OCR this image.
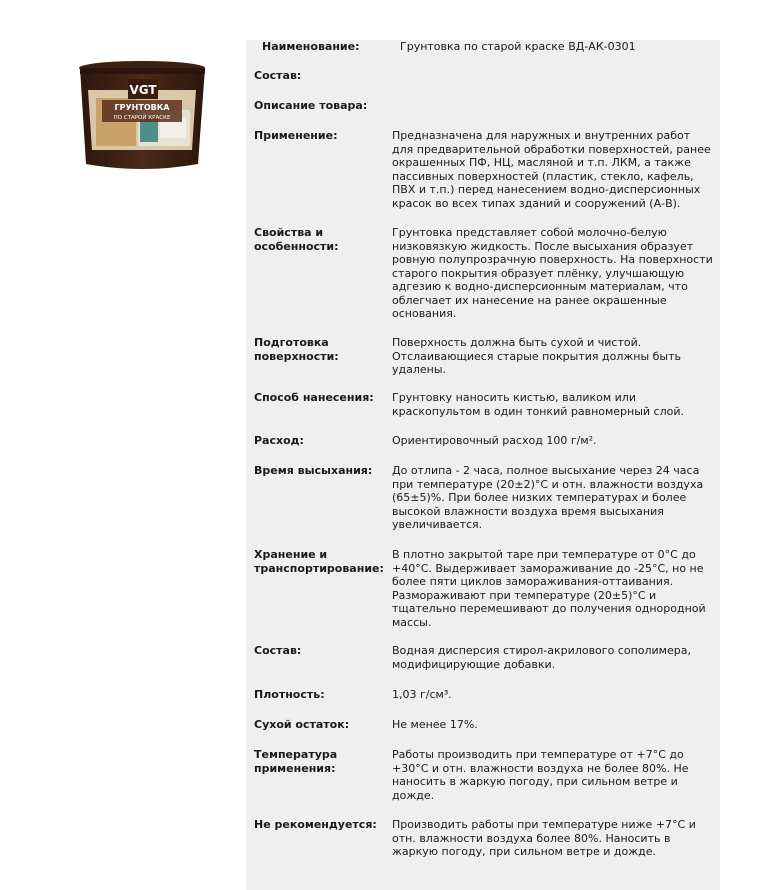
VGT
ГРУНТОВКА
ПО СТАРОЙ КРАСКЕ
Наименование:	Грунтовка по старой краске ВД-АК-0301
Состав:
Описание товара:
Применение:	Предназначена для наружных и внутренних работ для предварительной обработки поверхностей, ранее окрашенных ПФ, НЦ, масляной и т.п. ЛКМ, а также пассивных поверхностей (пластик, стекло, кафель, ПВХ и т.п.) перед нанесением водно-дисперсионных красок во всех типах зданий и сооружений (А-В).
Свойства и особенности:
Грунтовка представляет собой молочно-белую низковязкую жидкость. После высыхания образует ровную полупрозрачную поверхность. На поверхности старого покрытия образует плёнку, улучшающую адгезию к водно-дисперсионным материалам, что облегчает их нанесение на ранее окрашенные основания.
Подготовка поверхности:
Поверхность должна быть сухой и чистой. Отслаивающиеся старые покрытия должны быть удалены.
Способ нанесения:	Грунтовку наносить кистью, валиком или краскопультом в один тонкий равномерный слой.
Расход:	Ориентировочный расход 100 г/м².
Время высыхания:	До отлипа - 2 часа, полное высыхание через 24 часа при температуре (20±2)°С и отн. влажности воздуха (65±5)%. При более низких температурах и более высокой влажности воздуха время высыхания увеличивается.
Хранение и транспортирование:
В плотно закрытой таре при температуре от 0°С до +40°С. Выдерживает замораживание до -25°С, но не более пяти циклов замораживания-оттаивания. Размораживают при температуре (20±5)°С и тщательно перемешивают до получения однородной массы.
Состав:	Водная дисперсия стирол-акрилового сополимера, модифицирующие добавки.
Плотность:	1,03 г/см³.
Сухой остаток:	Не менее 17%.
Температура применения:
Работы производить при температуре от +7°С до +30°С и отн. влажности воздуха не более 80%. Не наносить в жаркую погоду, при сильном ветре и дожде.
Не рекомендуется:	Производить работы при температуре ниже +7°С и отн. влажности воздуха более 80%. Наносить в жаркую погоду, при сильном ветре и дожде.
